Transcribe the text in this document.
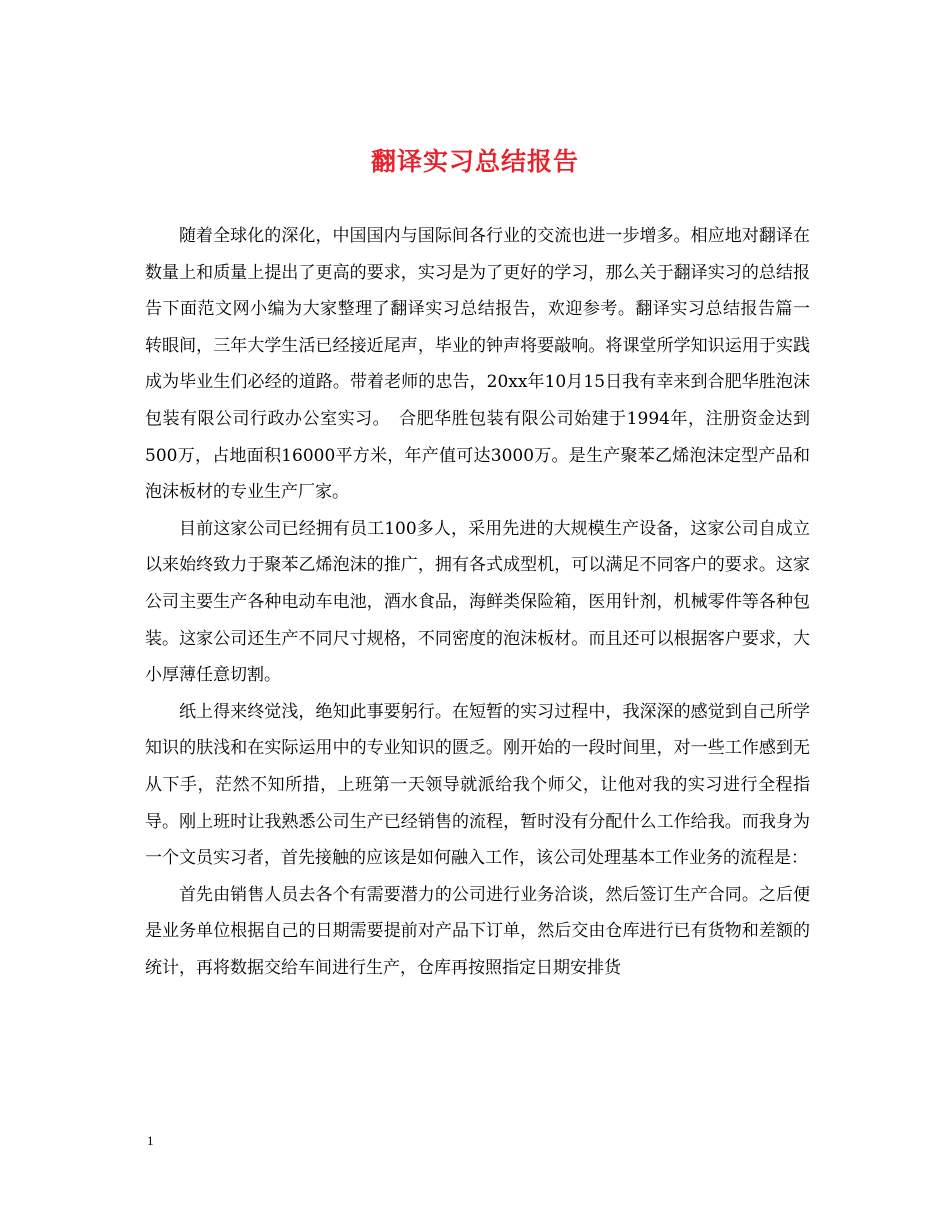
翻译实习总结报告

随着全球化的深化，中国国内与国际间各行业的交流也进一步增多。相应地对翻译在数量上和质量上提出了更高的要求，实习是为了更好的学习，那么关于翻译实习的总结报告下面范文网小编为大家整理了翻译实习总结报告，欢迎参考。翻译实习总结报告篇一　　转眼间，三年大学生活已经接近尾声，毕业的钟声将要敲响。将课堂所学知识运用于实践成为毕业生们必经的道路。带着老师的忠告，20xx年10月15日我有幸来到合肥华胜泡沫包装有限公司行政办公室实习。　合肥华胜包装有限公司始建于1994年，注册资金达到500万，占地面积16000平方米，年产值可达3000万。是生产聚苯乙烯泡沫定型产品和泡沫板材的专业生产厂家。

目前这家公司已经拥有员工100多人，采用先进的大规模生产设备，这家公司自成立以来始终致力于聚苯乙烯泡沫的推广，拥有各式成型机，可以满足不同客户的要求。这家公司主要生产各种电动车电池，酒水食品，海鲜类保险箱，医用针剂，机械零件等各种包装。这家公司还生产不同尺寸规格，不同密度的泡沫板材。而且还可以根据客户要求，大小厚薄任意切割。

纸上得来终觉浅，绝知此事要躬行。在短暂的实习过程中，我深深的感觉到自己所学知识的肤浅和在实际运用中的专业知识的匮乏。刚开始的一段时间里，对一些工作感到无从下手，茫然不知所措，上班第一天领导就派给我个师父，让他对我的实习进行全程指导。刚上班时让我熟悉公司生产已经销售的流程，暂时没有分配什么工作给我。而我身为一个文员实习者，首先接触的应该是如何融入工作，该公司处理基本工作业务的流程是：

首先由销售人员去各个有需要潜力的公司进行业务洽谈，然后签订生产合同。之后便是业务单位根据自己的日期需要提前对产品下订单，然后交由仓库进行已有货物和差额的统计，再将数据交给车间进行生产，仓库再按照指定日期安排货

1
